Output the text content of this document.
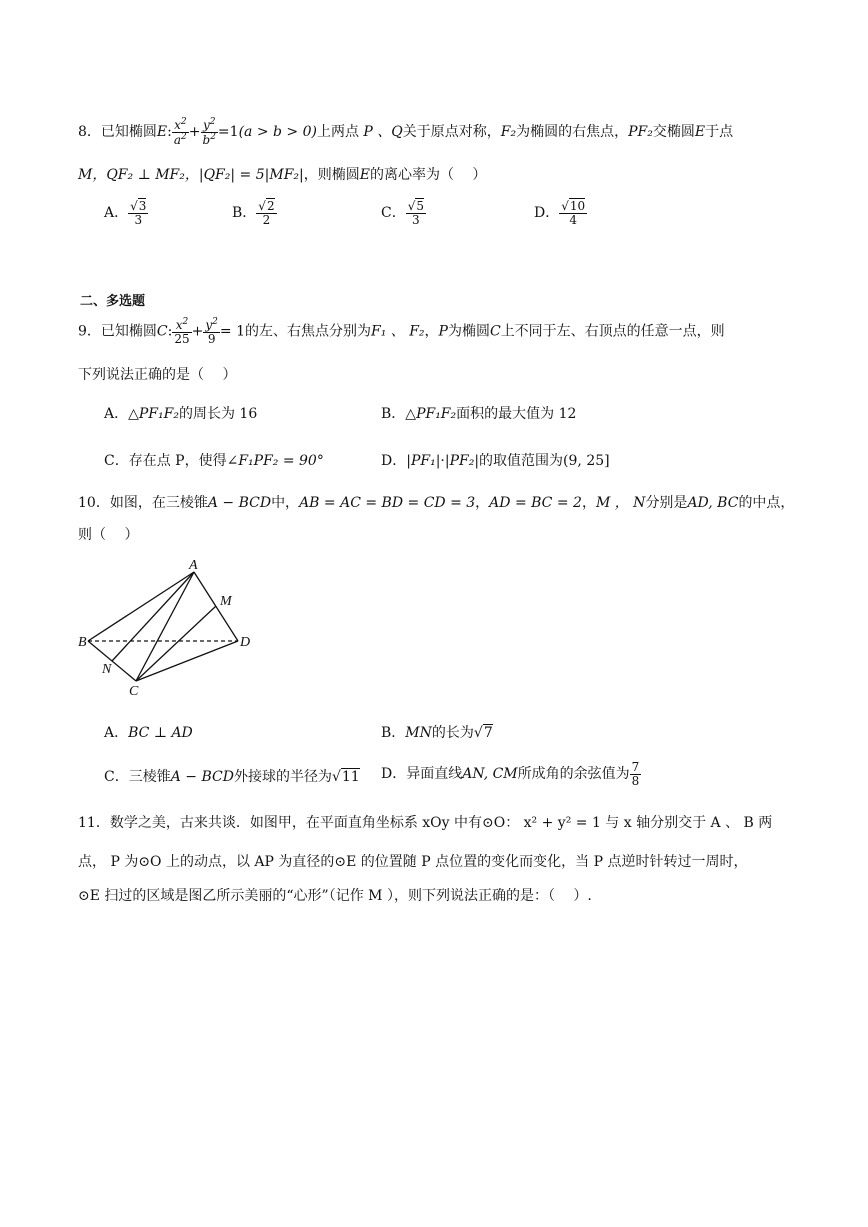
8．已知椭圆E: $\frac{x^2}{a^2} + \frac{y^2}{b^2} =1(a > b > 0)$上两点 P 、Q关于原点对称，F₂为椭圆的右焦点，PF₂交椭圆E于点
M，QF₂ ⊥ MF₂，|QF₂| = 5|MF₂|，则椭圆E的离心率为（　 ）
A． $\frac{√3}{3}$	B． $\frac{√2}{2}$	C． $\frac{√5}{3}$	D． $\frac{√10}{4}$
二、多选题
9．已知椭圆C: $\frac{x^2}{25} + \frac{y^2}{9} = 1$的左、右焦点分别为F₁ 、 F₂，P为椭圆C上不同于左、右顶点的任意一点，则
下列说法正确的是（　 ）
A．△PF₁F₂的周长为 16	B．△PF₁F₂面积的最大值为 12
C．存在点 P，使得∠F₁PF₂ = 90°	D．|PF₁|·|PF₂|的取值范围为(9, 25]
10．如图，在三棱锥A − BCD中，AB = AC = BD = CD = 3，AD = BC = 2，M ， N分别是AD, BC的中点，
则（　 ）
A
B
C
D
M
N
A．BC ⊥ AD	B．MN的长为√7
C．三棱锥A − BCD外接球的半径为√11 D．异面直线AN, CM所成角的余弦值为 $\frac{7}{8}$
11．数学之美，古来共谈．如图甲，在平面直角坐标系 xOy 中有⊙O： x² + y² = 1 与 x 轴分别交于 A 、 B 两
点， P 为⊙O 上的动点，以 AP 为直径的⊙E 的位置随 P 点位置的变化而变化，当 P 点逆时针转过一周时，
⊙E 扫过的区域是图乙所示美丽的“心形”（记作 M ），则下列说法正确的是：（　 ）.
